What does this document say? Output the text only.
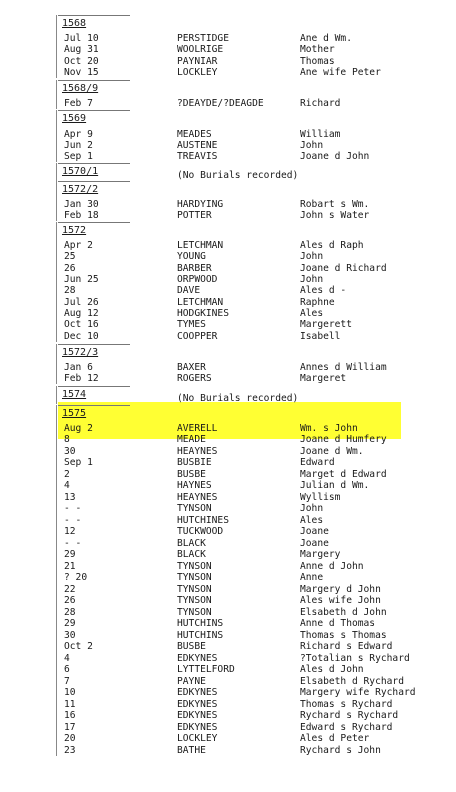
1568
Jul 10	PERSTIDGE	Ane d Wm.
Aug 31	WOOLRIGE	Mother
Oct 20	PAYNIAR	Thomas
Nov 15	LOCKLEY	Ane wife Peter
1568/9
Feb 7	?DEAYDE/?DEAGDE	Richard
1569
Apr 9	MEADES	William
Jun 2	AUSTENE	John
Sep 1	TREAVIS	Joane d John
1570/1	(No Burials recorded)
1572/2
Jan 30	HARDYING	Robart s Wm.
Feb 18	POTTER	John s Water
1572
Apr 2	LETCHMAN	Ales d Raph
25	YOUNG	John
26	BARBER	Joane d Richard
Jun 25	ORPWOOD	John
28	DAVE	Ales d -
Jul 26	LETCHMAN	Raphne
Aug 12	HODGKINES	Ales
Oct 16	TYMES	Margerett
Dec 10	COOPPER	Isabell
1572/3
Jan 6	BAXER	Annes d William
Feb 12	ROGERS	Margeret
1574	(No Burials recorded)
1575
Aug 2	AVERELL	Wm. s John
8	MEADE	Joane d Humfery
30	HEAYNES	Joane d Wm.
Sep 1	BUSBIE	Edward
2	BUSBE	Marget d Edward
4	HAYNES	Julian d Wm.
13	HEAYNES	Wyllism
- -	TYNSON	John
- -	HUTCHINES	Ales
12	TUCKWOOD	Joane
- -	BLACK	Joane
29	BLACK	Margery
21	TYNSON	Anne d John
? 20	TYNSON	Anne
22	TYNSON	Margery d John
26	TYNSON	Ales wife John
28	TYNSON	Elsabeth d John
29	HUTCHINS	Anne d Thomas
30	HUTCHINS	Thomas s Thomas
Oct 2	BUSBE	Richard s Edward
4	EDKYNES	?Totalian s Rychard
6	LYTTELFORD	Ales d John
7	PAYNE	Elsabeth d Rychard
10	EDKYNES	Margery wife Rychard
11	EDKYNES	Thomas s Rychard
16	EDKYNES	Rychard s Rychard
17	EDKYNES	Edward s Rychard
20	LOCKLEY	Ales d Peter
23	BATHE	Rychard s John
